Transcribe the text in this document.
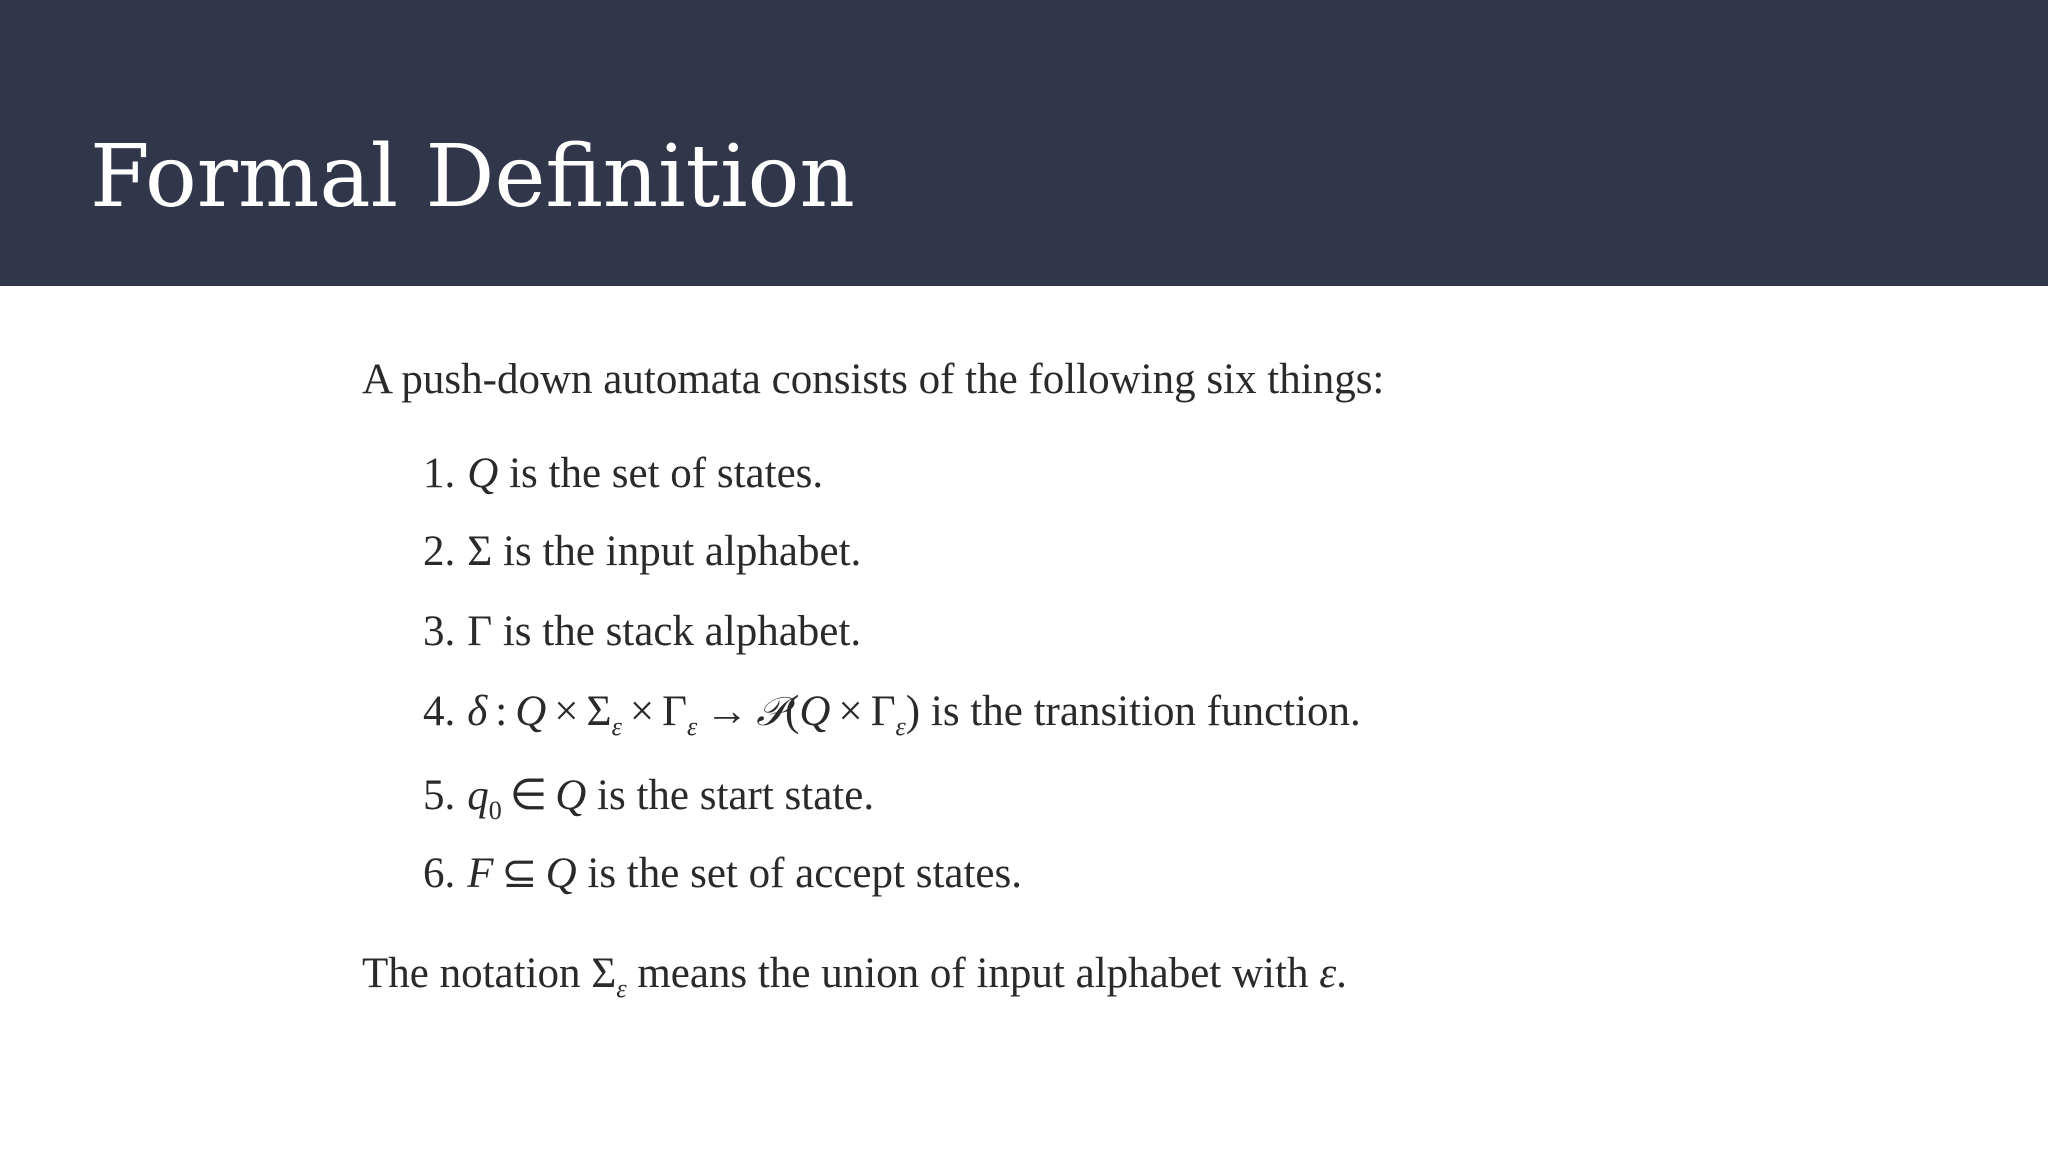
Formal Definition
A push-down automata consists of the following six things:
1. Q is the set of states.
2. Σ is the input alphabet.
3. Γ is the stack alphabet.
4. δ : $Q \times \Sigma_\varepsilon \times \Gamma_\varepsilon$ → 𝒫(Q × $\Gamma_\varepsilon$) is the transition function.
5. $q_0$ ∈ Q is the start state.
6. F ⊆ Q is the set of accept states.
The notation $\Sigma_\varepsilon$ means the union of input alphabet with ε.
